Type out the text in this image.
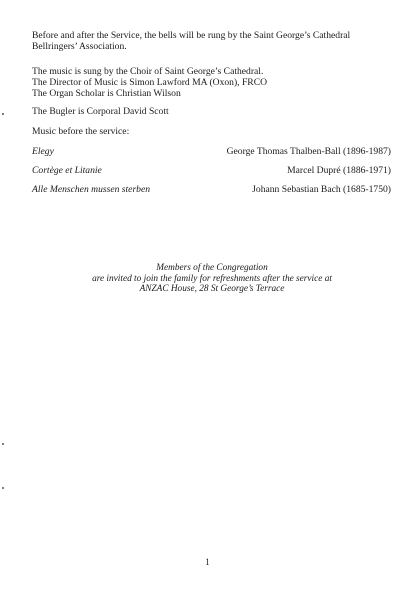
Before and after the Service, the bells will be rung by the Saint George’s Cathedral
Bellringers’ Association.

The music is sung by the Choir of Saint George’s Cathedral.
The Director of Music is Simon Lawford MA (Oxon), FRCO
The Organ Scholar is Christian Wilson

The Bugler is Corporal David Scott

Music before the service:

Elegy	George Thomas Thalben-Ball (1896-1987)
Cortège et Litanie	Marcel Dupré (1886-1971)
Alle Menschen mussen sterben	Johann Sebastian Bach (1685-1750)
Members of the Congregation
are invited to join the family for refreshments after the service at
ANZAC House, 28 St George’s Terrace
1
